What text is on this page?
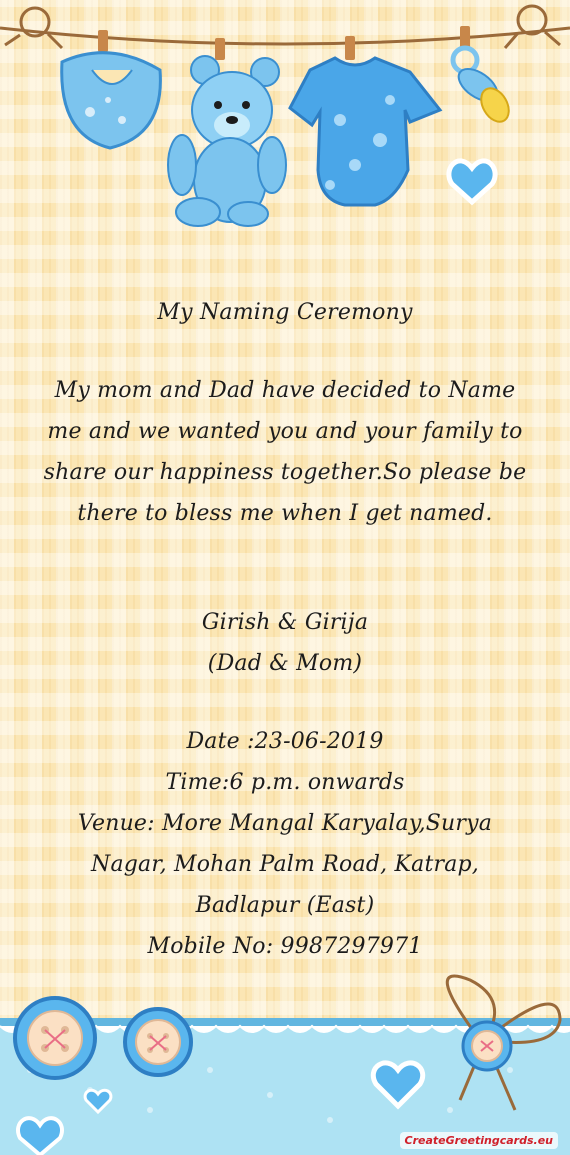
My Naming Ceremony
My mom and Dad have decided to Name
me and we wanted you and your family to
share our happiness together.So please be
there to bless me when I get named.
Girish & Girija
(Dad & Mom)
Date :23-06-2019
Time:6 p.m. onwards
Venue: More Mangal Karyalay,Surya
Nagar, Mohan Palm Road, Katrap,
Badlapur (East)
Mobile No: 9987297971
CreateGreetingcards.eu
